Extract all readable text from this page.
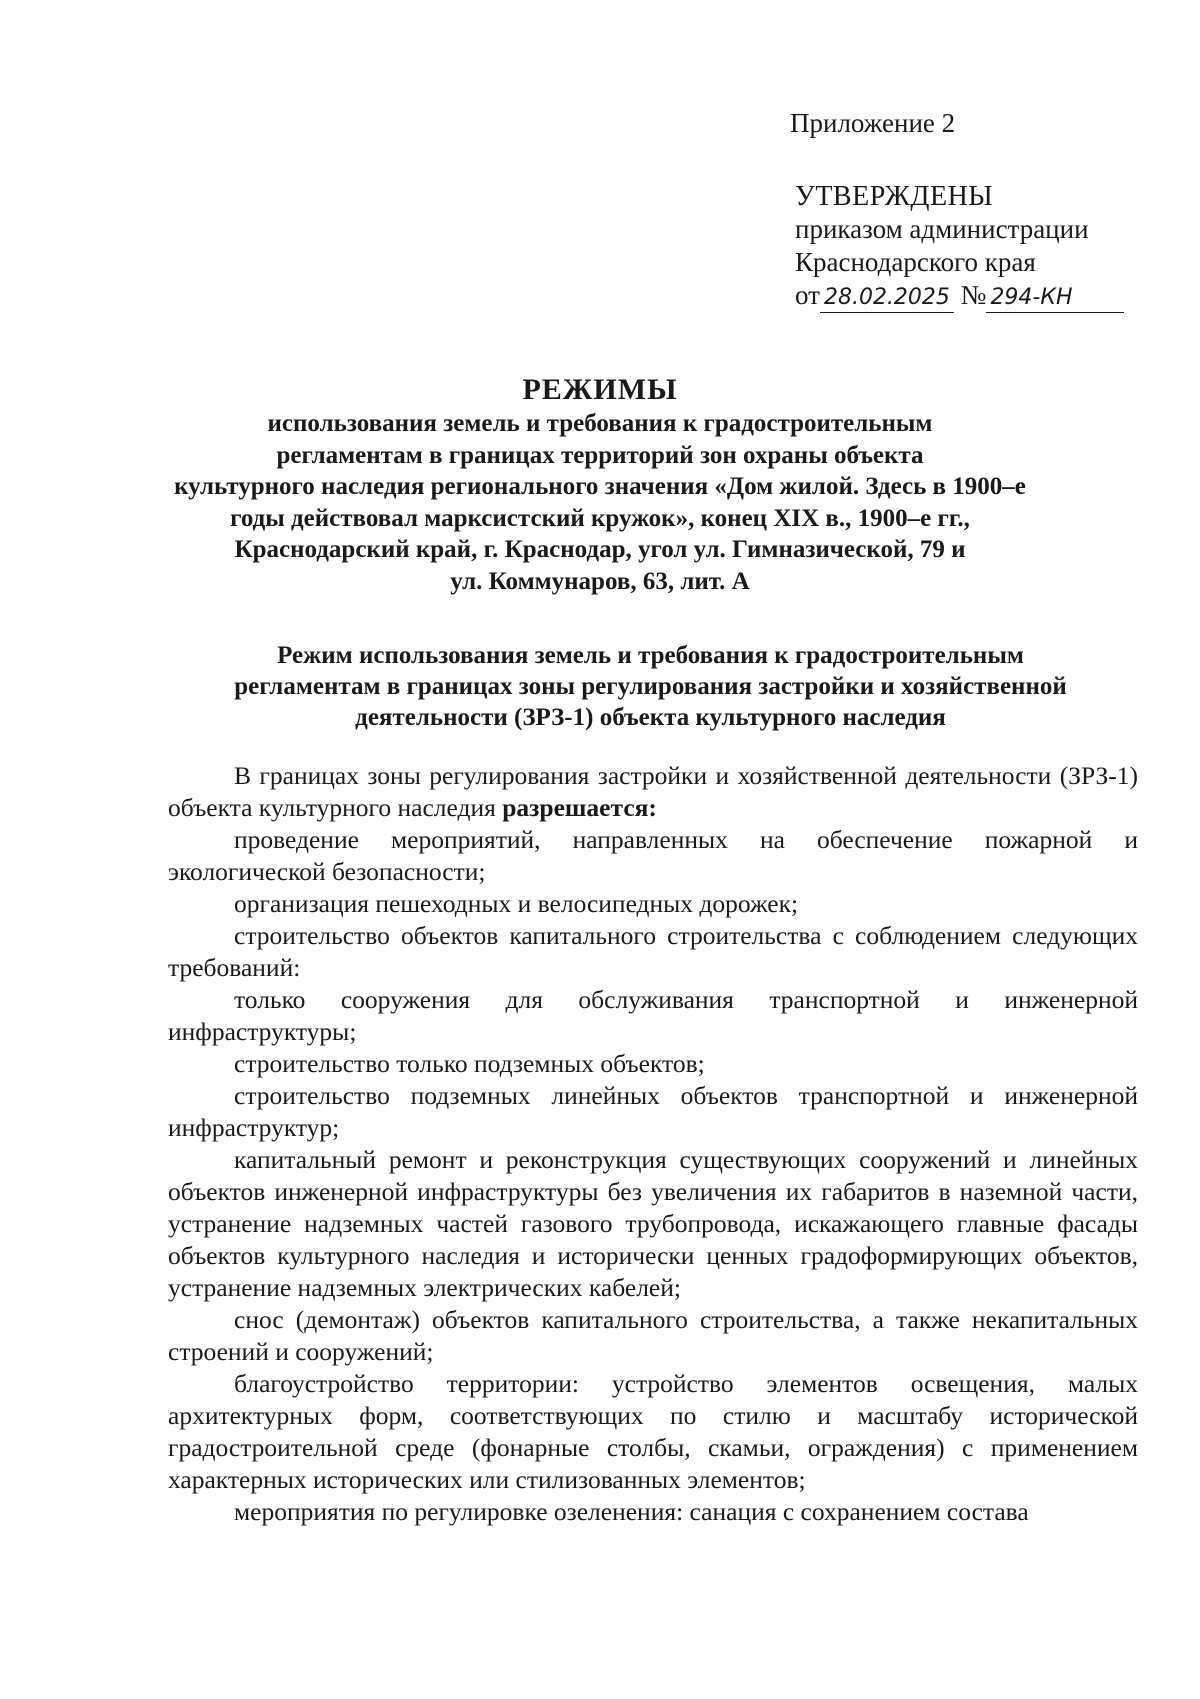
Приложение 2
УТВЕРЖДЕНЫ
приказом администрации
Краснодарского края
от 28.02.2025 № 294-КН
РЕЖИМЫ

использования земель и требования к градостроительным

регламентам в границах территорий зон охраны объекта

культурного наследия регионального значения «Дом жилой. Здесь в 1900–е

годы действовал марксистский кружок», конец XIX в., 1900–е гг.,

Краснодарский край, г. Краснодар, угол ул. Гимназической, 79 и

ул. Коммунаров, 63, лит. А

Режим использования земель и требования к градостроительным

регламентам в границах зоны регулирования застройки и хозяйственной

деятельности (ЗРЗ-1) объекта культурного наследия

В границах зоны регулирования застройки и хозяйственной деятельности (ЗРЗ-1) объекта культурного наследия разрешается:

проведение мероприятий, направленных на обеспечение пожарной и экологической безопасности;

организация пешеходных и велосипедных дорожек;

строительство объектов капитального строительства с соблюдением следующих требований:

только сооружения для обслуживания транспортной и инженерной инфраструктуры;

строительство только подземных объектов;

строительство подземных линейных объектов транспортной и инженерной инфраструктур;

капитальный ремонт и реконструкция существующих сооружений и линейных объектов инженерной инфраструктуры без увеличения их габаритов в наземной части, устранение надземных частей газового трубопровода, искажающего главные фасады объектов культурного наследия и исторически ценных градоформирующих объектов, устранение надземных электрических кабелей;

снос (демонтаж) объектов капитального строительства, а также некапитальных строений и сооружений;

благоустройство территории: устройство элементов освещения, малых архитектурных форм, соответствующих по стилю и масштабу исторической градостроительной среде (фонарные столбы, скамьи, ограждения) с применением характерных исторических или стилизованных элементов;

мероприятия по регулировке озеленения: санация с сохранением состава
